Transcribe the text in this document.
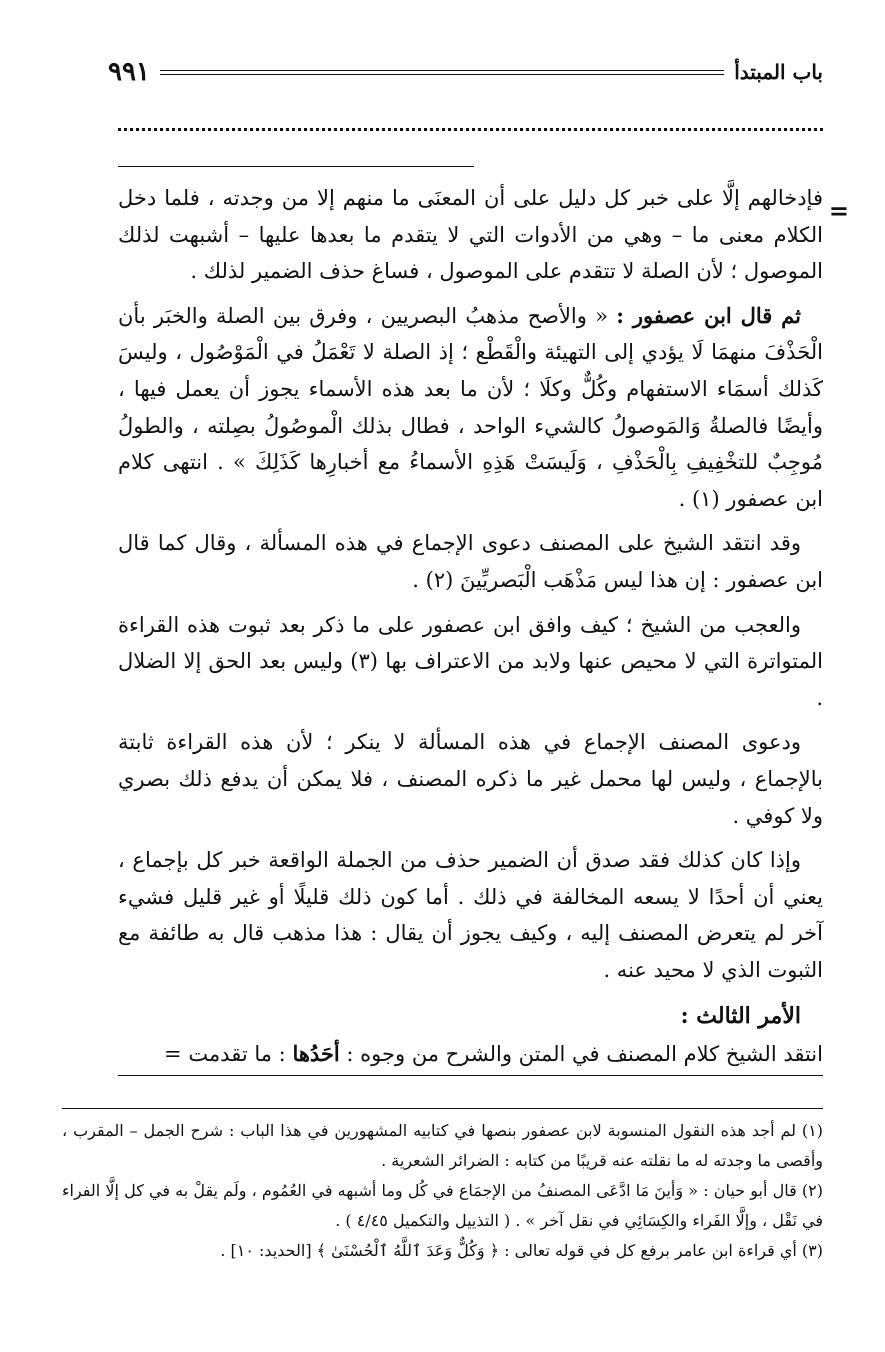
باب المبتدأ
٩٩١
=

فإدخالهم إلَّا على خبر كل دليل على أن المعنَى ما منهم إلا من وجدته ، فلما دخل الكلام معنى ما – وهي من الأدوات التي لا يتقدم ما بعدها عليها – أشبهت لذلك الموصول ؛ لأن الصلة لا تتقدم على الموصول ، فساغ حذف الضمير لذلك .

ثم قال ابن عصفور : « والأصح مذهبُ البصريين ، وفرق بين الصلة والخبَر بأن الْحَذْفَ منهمَا لَا يؤدي إلى التهيئة والْقَطْع ؛ إذ الصلة لا تَعْمَلُ في الْمَوْصُول ، وليسَ كَذلك أسمَاء الاستفهام وكُلٌّ وكلَا ؛ لأن ما بعد هذه الأسماء يجوز أن يعمل فيها ، وأيضًا فالصلةُ وَالمَوصولُ كالشيء الواحد ، فطال بذلك الْموصُولُ بصِلته ، والطولُ مُوجِبٌ للتخْفِيفِ بِالْحَذْفِ ، وَلَيسَتْ هَذِهِ الأسماءُ مع أخبارِها كَذَلِكَ » . انتهى كلام ابن عصفور (١) .

وقد انتقد الشيخ على المصنف دعوى الإجماع في هذه المسألة ، وقال كما قال ابن عصفور : إن هذا ليس مَذْهَب الْبَصريِّينَ (٢) .

والعجب من الشيخ ؛ كيف وافق ابن عصفور على ما ذكر بعد ثبوت هذه القراءة المتواترة التي لا محيص عنها ولابد من الاعتراف بها (٣) وليس بعد الحق إلا الضلال .

ودعوى المصنف الإجماع في هذه المسألة لا ينكر ؛ لأن هذه القراءة ثابتة بالإجماع ، وليس لها محمل غير ما ذكره المصنف ، فلا يمكن أن يدفع ذلك بصري ولا كوفي .

وإذا كان كذلك فقد صدق أن الضمير حذف من الجملة الواقعة خبر كل بإجماع ، يعني أن أحدًا لا يسعه المخالفة في ذلك . أما كون ذلك قليلًا أو غير قليل فشيء آخر لم يتعرض المصنف إليه ، وكيف يجوز أن يقال : هذا مذهب قال به طائفة مع الثبوت الذي لا محيد عنه .

الأمر الثالث :

انتقد الشيخ كلام المصنف في المتن والشرح من وجوه : أحَدُها : ما تقدمت =

(١) لم أجد هذه النقول المنسوبة لابن عصفور بنصها في كتابيه المشهورين في هذا الباب : شرح الجمل – المقرب ، وأقصى ما وجدته له ما نقلته عنه قريبًا من كتابه : الضرائر الشعرية .

(٢) قال أبو حيان : « وَأينَ مَا ادَّعَى المصنفُ من الإجمَاع في كُل وما أشبهه في العُمُوم ، ولَم يقلْ به في كل إلَّا الفراء في نَقْل ، وإلَّا الفَراء والكِسَائِي في نقل آخر » . ( التذييل والتكميل ٤/٤٥ ) .

(٣) أي قراءة ابن عامر برفع كل في قوله تعالى : ﴿ وَكُلٌّ وَعَدَ ٱللَّهُ ٱلْحُسْنَىٰ ﴾ [الحديد: ١٠] .
